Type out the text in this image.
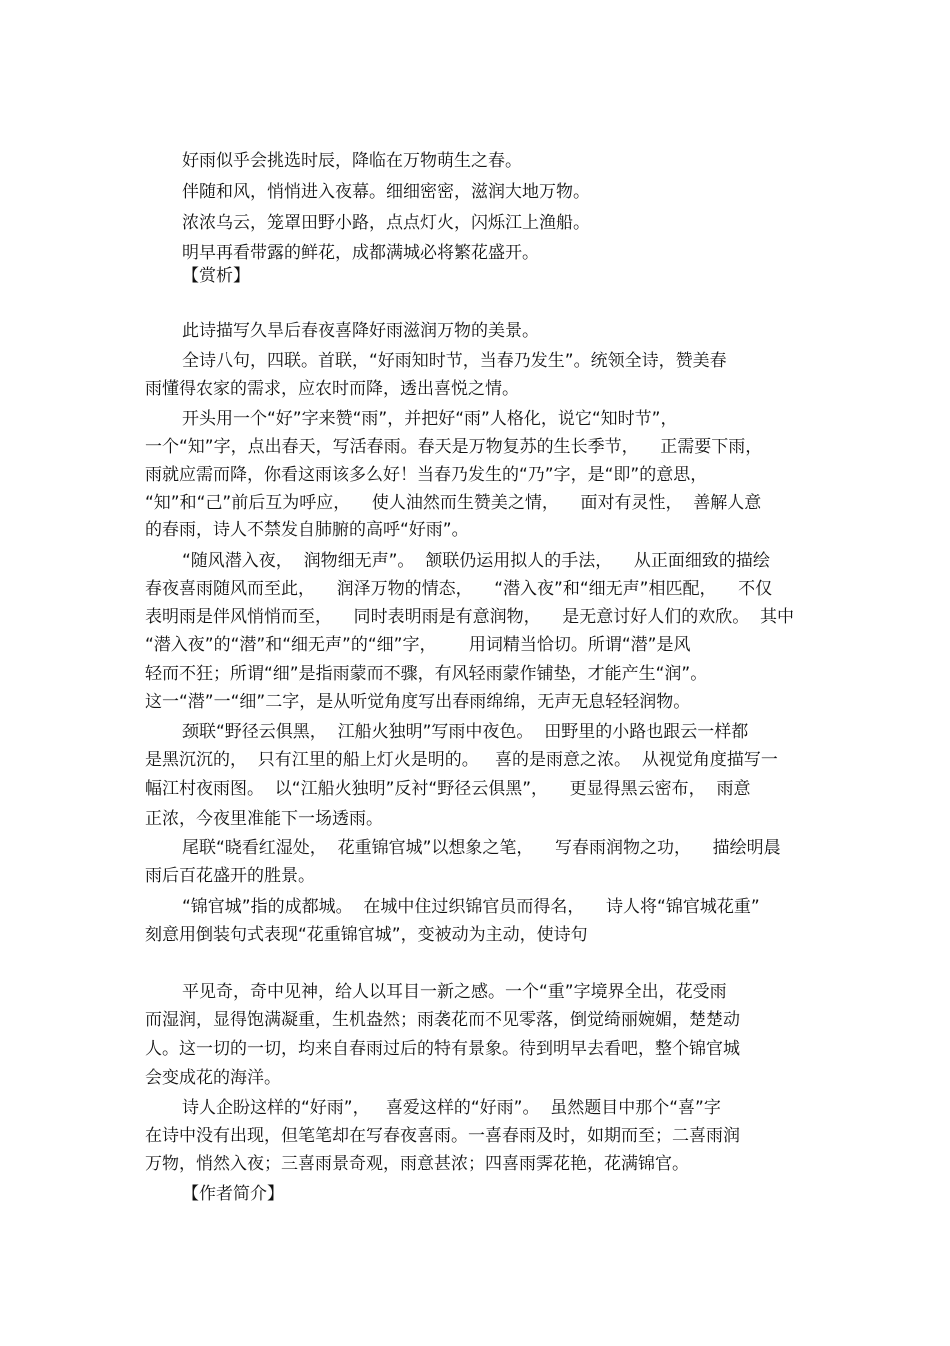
好雨似乎会挑选时辰，降临在万物萌生之春。
伴随和风，悄悄进入夜幕。细细密密，滋润大地万物。
浓浓乌云，笼罩田野小路，点点灯火，闪烁江上渔船。
明早再看带露的鲜花，成都满城必将繁花盛开。
【赏析】
此诗描写久旱后春夜喜降好雨滋润万物的美景。
全诗八句，四联。首联，“好雨知时节，当春乃发生”。统领全诗，赞美春
雨懂得农家的需求，应农时而降，透出喜悦之情。
开头用一个“好”字来赞“雨”，并把好“雨”人格化，说它“知时节”，
一个“知”字，点出春天，写活春雨。春天是万物复苏的生长季节，    正需要下雨，
雨就应需而降，你看这雨该多么好！当春乃发生的“乃”字，是“即”的意思，
“知”和“己”前后互为呼应，    使人油然而生赞美之情，    面对有灵性，  善解人意
的春雨，诗人不禁发自肺腑的高呼“好雨”。
“随风潜入夜，  润物细无声”。  颔联仍运用拟人的手法，    从正面细致的描绘
春夜喜雨随风而至此，    润泽万物的情态，    “潜入夜”和“细无声”相匹配，    不仅
表明雨是伴风悄悄而至，    同时表明雨是有意润物，    是无意讨好人们的欢欣。  其中
“潜入夜”的“潜”和“细无声”的“细”字，      用词精当恰切。所谓“潜”是风
轻而不狂；所谓“细”是指雨蒙而不骤，有风轻雨蒙作铺垫，才能产生“润”。
这一“潜”一“细”二字，是从听觉角度写出春雨绵绵，无声无息轻轻润物。
颈联“野径云俱黑，  江船火独明”写雨中夜色。  田野里的小路也跟云一样都
是黑沉沉的，  只有江里的船上灯火是明的。   喜的是雨意之浓。  从视觉角度描写一
幅江村夜雨图。  以“江船火独明”反衬“野径云俱黑”，    更显得黑云密布，  雨意
正浓，今夜里准能下一场透雨。
尾联“晓看红湿处，  花重锦官城”以想象之笔，    写春雨润物之功，    描绘明晨
雨后百花盛开的胜景。
“锦官城”指的成都城。  在城中住过织锦官员而得名，    诗人将“锦官城花重”
刻意用倒装句式表现“花重锦官城”，变被动为主动，使诗句
平见奇，奇中见神，给人以耳目一新之感。一个“重”字境界全出，花受雨
而湿润，显得饱满凝重，生机盎然；雨袭花而不见零落，倒觉绮丽婉媚，楚楚动
人。这一切的一切，均来自春雨过后的特有景象。待到明早去看吧，整个锦官城
会变成花的海洋。
诗人企盼这样的“好雨”，   喜爱这样的“好雨”。  虽然题目中那个“喜”字
在诗中没有出现，但笔笔却在写春夜喜雨。一喜春雨及时，如期而至；二喜雨润
万物，悄然入夜；三喜雨景奇观，雨意甚浓；四喜雨霁花艳，花满锦官。
【作者简介】
